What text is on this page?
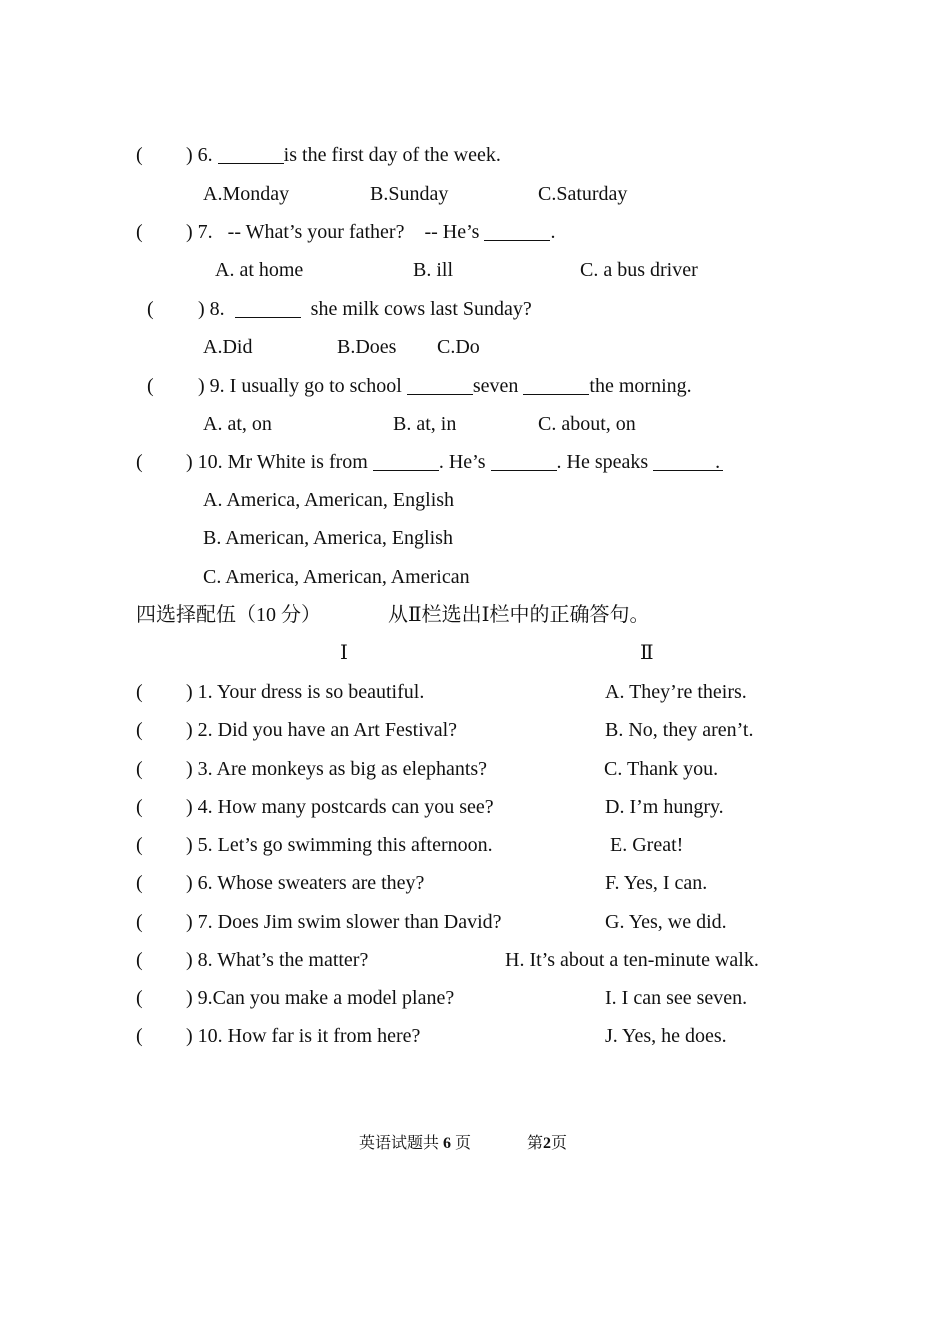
( ) 6.	is the first day of the week.
A.Monday	B.Sunday	C.Saturday
( ) 7. -- What’s your father?    -- He’s	.
A. at home	B. ill	C. a bus driver
( ) 8.	she milk cows last Sunday?
A.Did	B.Does C.Do
( ) 9. I usually go to school	seven	the morning.
A. at, on	B. at, in	C. about, on
( ) 10. Mr White is from	. He’s	. He speaks	.
A. America, American, English
B. American, America, English
C. America, American, American
四选择配伍（10 分）	从Ⅱ栏选出Ⅰ栏中的正确答句。
Ⅰ	Ⅱ
( ) 1. Your dress is so beautiful.	A. They’re theirs.
( ) 2. Did you have an Art Festival?	B. No, they aren’t.
( ) 3. Are monkeys as big as elephants?	C. Thank you.
( ) 4. How many postcards can you see?	D. I’m hungry.
( ) 5. Let’s go swimming this afternoon.	E. Great!
( ) 6. Whose sweaters are they?	F. Yes, I can.
( ) 7. Does Jim swim slower than David?	G. Yes, we did.
( ) 8. What’s the matter?	H. It’s about a ten-minute walk.
( ) 9.Can you make a model plane?	I. I can see seven.
( ) 10. How far is it from here?	J. Yes, he does.
英语试题共 6 页	第2页
